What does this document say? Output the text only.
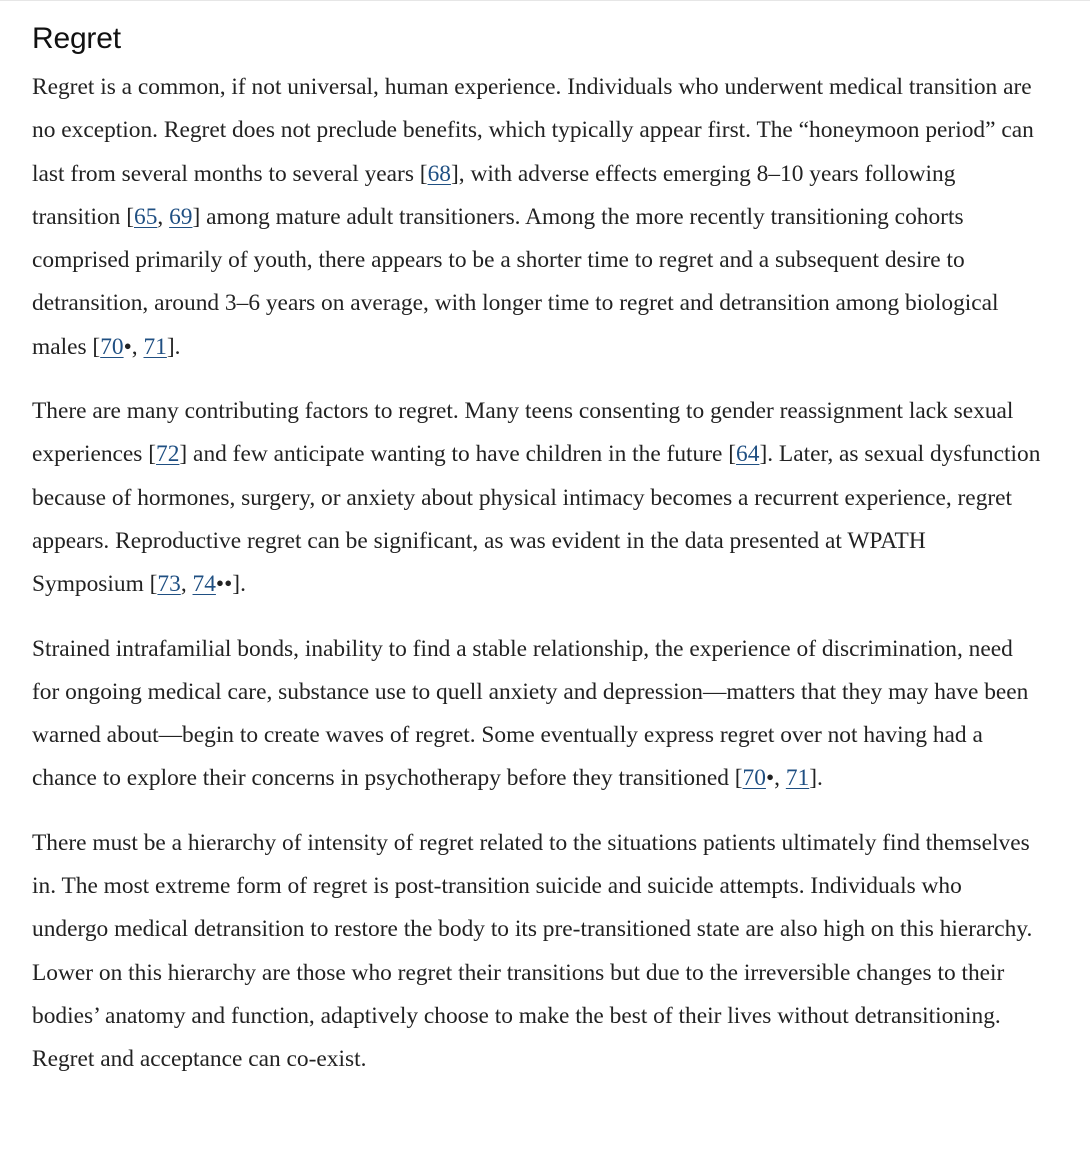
Regret

Regret is a common, if not universal, human experience. Individuals who underwent medical transition are no exception. Regret does not preclude benefits, which typically appear first. The “honeymoon period” can last from several months to several years [68], with adverse effects emerging 8–10 years following transition [65, 69] among mature adult transitioners. Among the more recently transitioning cohorts comprised primarily of youth, there appears to be a shorter time to regret and a subsequent desire to detransition, around 3–6 years on average, with longer time to regret and detransition among biological males [70•, 71].

There are many contributing factors to regret. Many teens consenting to gender reassignment lack sexual experiences [72] and few anticipate wanting to have children in the future [64]. Later, as sexual dysfunction because of hormones, surgery, or anxiety about physical intimacy becomes a recurrent experience, regret appears. Reproductive regret can be significant, as was evident in the data presented at WPATH Symposium [73, 74••].

Strained intrafamilial bonds, inability to find a stable relationship, the experience of discrimination, need for ongoing medical care, substance use to quell anxiety and depression—matters that they may have been warned about—begin to create waves of regret. Some eventually express regret over not having had a chance to explore their concerns in psychotherapy before they transitioned [70•, 71].

There must be a hierarchy of intensity of regret related to the situations patients ultimately find themselves in. The most extreme form of regret is post-transition suicide and suicide attempts. Individuals who undergo medical detransition to restore the body to its pre-transitioned state are also high on this hierarchy. Lower on this hierarchy are those who regret their transitions but due to the irreversible changes to their bodies’ anatomy and function, adaptively choose to make the best of their lives without detransitioning. Regret and acceptance can co-exist.
